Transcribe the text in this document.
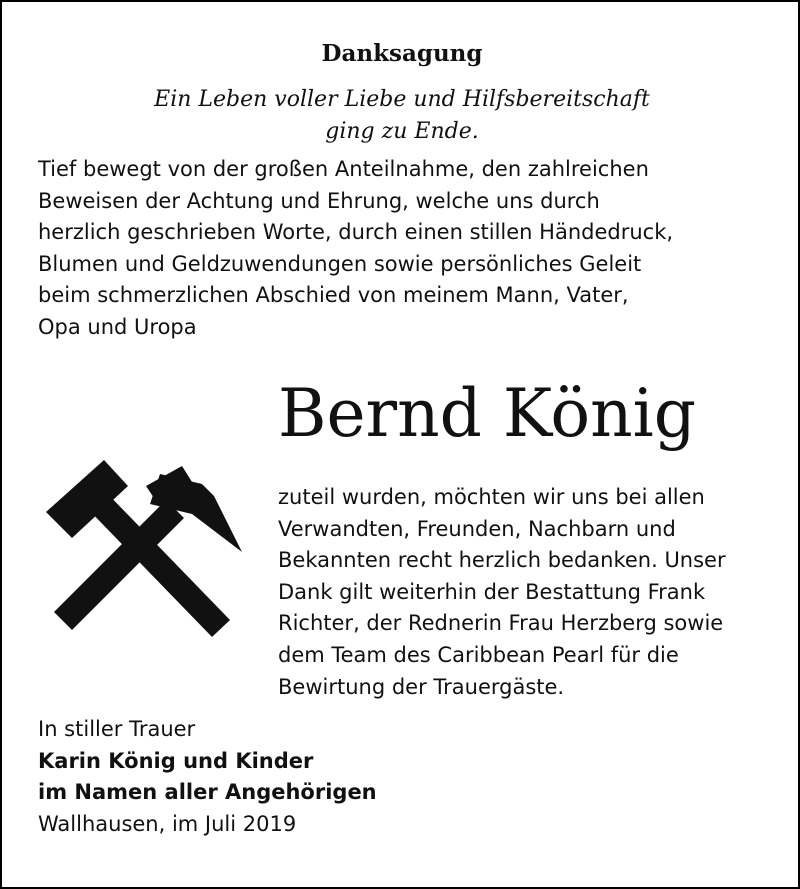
Danksagung
Ein Leben voller Liebe und Hilfsbereitschaft
ging zu Ende.
Tief bewegt von der großen Anteilnahme, den zahlreichen
Beweisen der Achtung und Ehrung, welche uns durch
herzlich geschrieben Worte, durch einen stillen Händedruck,
Blumen und Geldzuwendungen sowie persönliches Geleit
beim schmerzlichen Abschied von meinem Mann, Vater,
Opa und Uropa
Bernd König
zuteil wurden, möchten wir uns bei allen
Verwandten, Freunden, Nachbarn und
Bekannten recht herzlich bedanken. Unser
Dank gilt weiterhin der Bestattung Frank
Richter, der Rednerin Frau Herzberg sowie
dem Team des Caribbean Pearl für die
Bewirtung der Trauergäste.
In stiller Trauer
Karin König und Kinder
im Namen aller Angehörigen
Wallhausen, im Juli 2019
